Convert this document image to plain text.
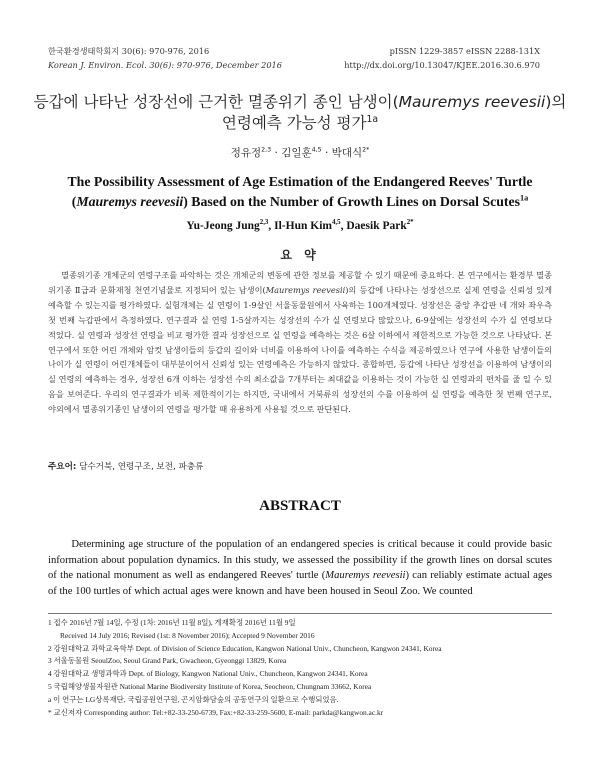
한국환경생태학회지 30(6): 970-976, 2016
Korean J. Environ. Ecol. 30(6): 970-976, December 2016
pISSN 1229-3857 eISSN 2288-131X
http://dx.doi.org/10.13047/KJEE.2016.30.6.970
등갑에 나타난 성장선에 근거한 멸종위기 종인 남생이(Mauremys reevesii)의
연령예측 가능성 평가$^{1a}$
정유정$^{2,3}$ · 김일훈$^{4,5}$ · 박대식$^{2*}$
The Possibility Assessment of Age Estimation of the Endangered Reeves' Turtle (Mauremys reevesii) Based on the Number of Growth Lines on Dorsal Scutes$^{1a}$
Yu-Jeong Jung$^{2,3}$, Il-Hun Kim$^{4,5}$, Daesik Park$^{2*}$
요 약
멸종위기종 개체군의 연령구조를 파악하는 것은 개체군의 변동에 관한 정보를 제공할 수 있기 때문에 중요하다. 본 연구에서는 환경부 멸종위기종 Ⅱ급과 문화재청 천연기념물로 지정되어 있는 남생이(Mauremys reevesii)의 등갑에 나타나는 성장선으로 실제 연령을 신뢰성 있게 예측할 수 있는지를 평가하였다. 실험개체는 실 연령이 1-9살인 서울동물원에서 사육하는 100개체였다. 성장선은 중앙 추갑판 네 개와 좌우측 첫 번째 늑갑판에서 측정하였다. 연구결과 실 연령 1-5살까지는 성장선의 수가 실 연령보다 많았으나, 6-9살에는 성장선의 수가 실 연령보다 적었다. 실 연령과 성장선 연령을 비교 평가한 결과 성장선으로 실 연령을 예측하는 것은 6살 이하에서 제한적으로 가능한 것으로 나타났다. 본 연구에서 또한 어린 개체와 암컷 남생이들의 등갑의 길이와 너비를 이용하여 나이를 예측하는 수식을 제공하였으나 연구에 사용한 남생이들의 나이가 실 연령이 어린개체들이 대부분이어서 신뢰성 있는 연령예측은 가능하지 않았다. 종합하면, 등갑에 나타난 성장선을 이용하여 남생이의 실 연령의 예측하는 경우, 성장선 6개 이하는 성장선 수의 최소값을 7개부터는 최대값을 이용하는 것이 가능한 실 연령과의 편차를 줄 일 수 있음을 보여준다. 우리의 연구결과가 비록 제한적이기는 하지만, 국내에서 거북류의 성장선의 수를 이용하여 실 연령을 예측한 첫 번째 연구로, 야외에서 멸종위기종인 남생이의 연령을 평가할 때 유용하게 사용될 것으로 판단된다.
주요어: 담수거북, 연령구조, 보전, 파충류
ABSTRACT
Determining age structure of the population of an endangered species is critical because it could provide basic information about population dynamics. In this study, we assessed the possibility if the growth lines on dorsal scutes of the national monument as well as endangered Reeves' turtle (Mauremys reevesii) can reliably estimate actual ages of the 100 turtles of which actual ages were known and have been housed in Seoul Zoo. We counted
1 접수 2016년 7월 14일, 수정 (1차: 2016년 11월 8일), 게재확정 2016년 11월 9일
Received 14 July 2016; Revised (1st: 8 November 2016); Accepted 9 November 2016
2 강원대학교 과학교육학부 Dept. of Division of Science Education, Kangwon National Univ., Chuncheon, Kangwon 24341, Korea
3 서울동물원 SeoulZoo, Seoul Grand Park, Gwacheon, Gyeonggi 13829, Korea
4 강원대학교 생명과학과 Dept. of Biology, Kangwon National Univ., Chuncheon, Kangwon 24341, Korea
5 국립해양생물자원관 National Marine Biodiversity Institute of Korea, Seocheon, Chungnam 33662, Korea
a 이 연구는 LG상록재단, 국립공원연구원, 곤지암화담숲의 공동연구의 일환으로 수행되었음.
* 교신저자 Corresponding author: Tel:+82-33-250-6739, Fax:+82-33-259-5600, E-mail: parkda@kangwon.ac.kr
